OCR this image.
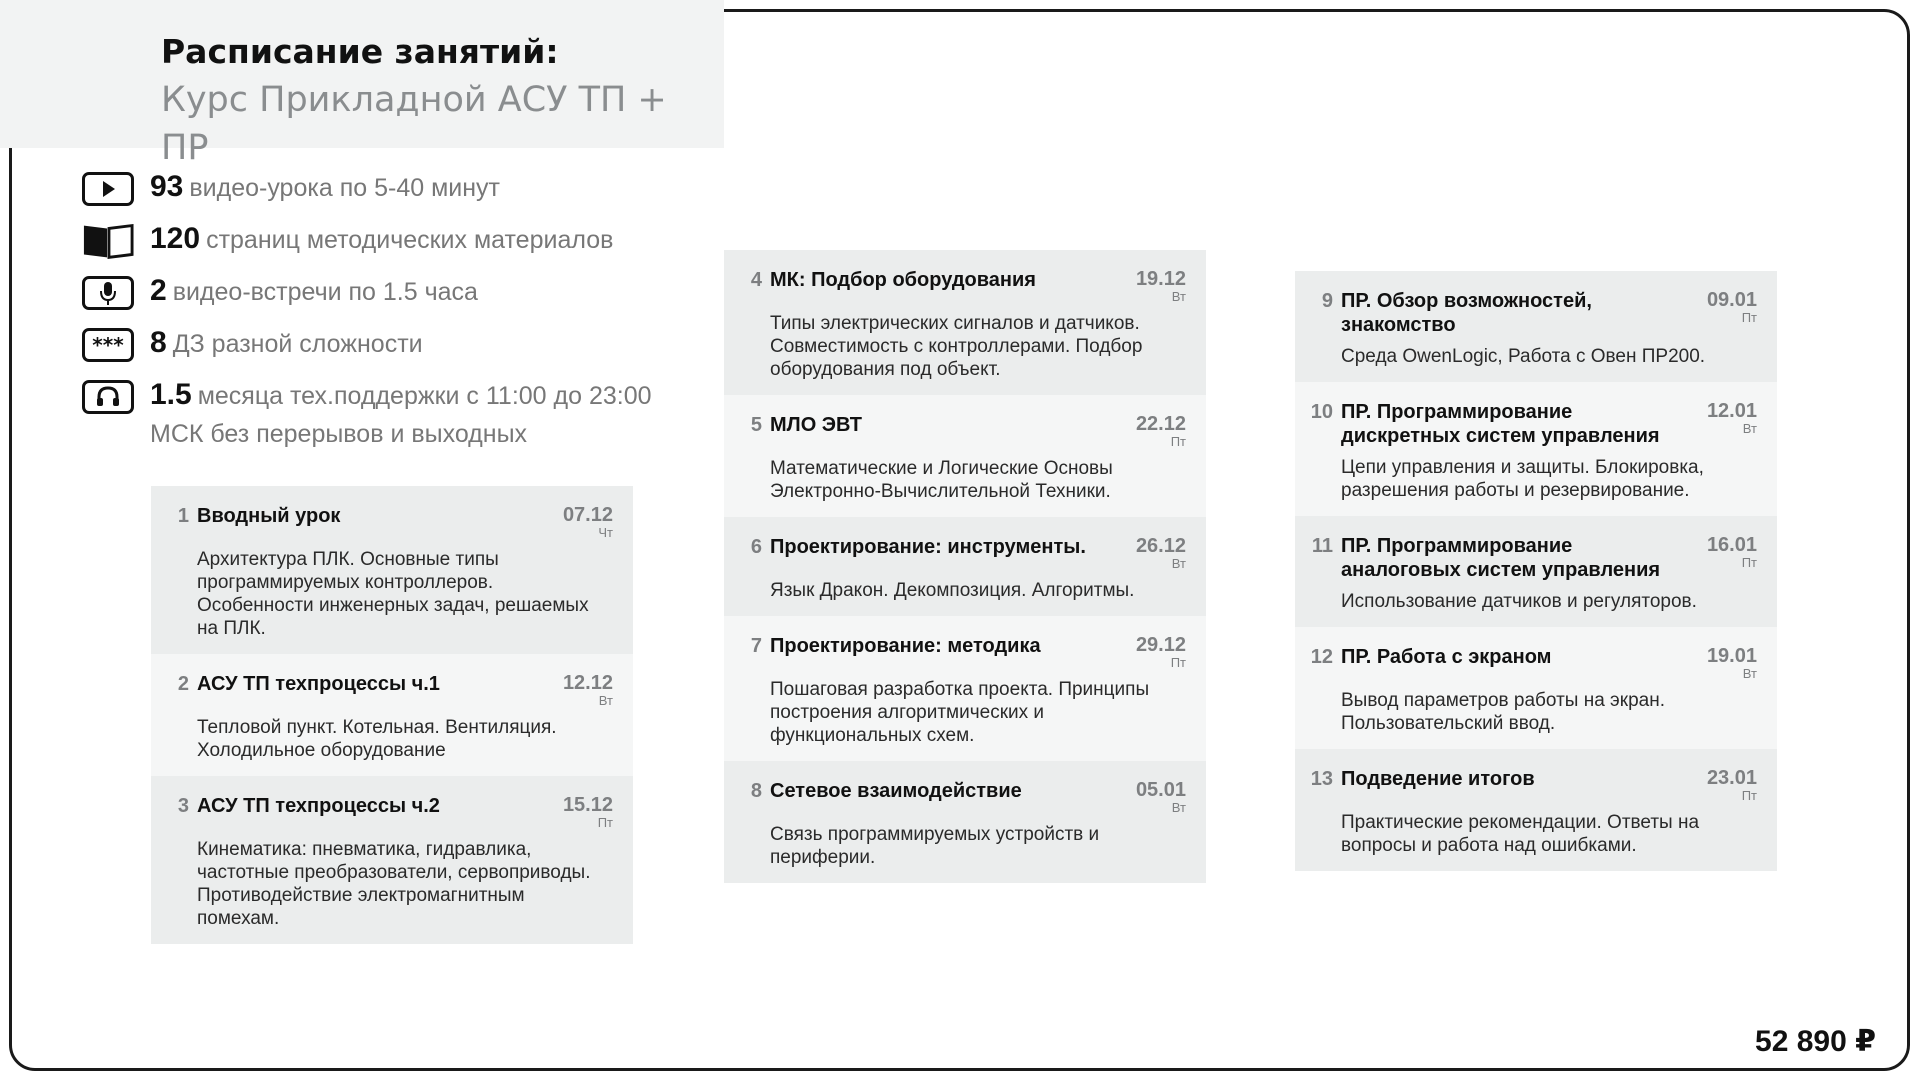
Расписание занятий:
Курс Прикладной АСУ ТП + ПР
93 видео-урока по 5-40 минут
120 страниц методических материалов
2 видео-встречи по 1.5 часа
*** 8 ДЗ разной сложности
1.5 месяца тех.поддержки с 11:00 до 23:00 МСК без перерывов и выходных
1 Вводный урок	07.12
Чт
Архитектура ПЛК. Основные типы программируемых контроллеров. Особенности инженерных задач, решаемых на ПЛК.
2 АСУ ТП техпроцессы ч.1	12.12
Вт
Тепловой пункт. Котельная. Вентиляция. Холодильное оборудование
3 АСУ ТП техпроцессы ч.2	15.12
Пт
Кинематика: пневматика, гидравлика, частотные преобразователи, сервоприводы. Противодействие электромагнитным помехам.
4 МК: Подбор оборудования	19.12
Вт
Типы электрических сигналов и датчиков. Совместимость с контроллерами. Подбор оборудования под объект.
5 МЛО ЭВТ	22.12
Пт
Математические и Логические Основы Электронно-Вычислительной Техники.
6 Проектирование: инструменты.	26.12
Вт
Язык Дракон. Декомпозиция. Алгоритмы.
7 Проектирование: методика	29.12
Пт
Пошаговая разработка проекта. Принципы построения алгоритмических и функциональных схем.
8 Сетевое взаимодействие	05.01
Вт
Связь программируемых устройств и периферии.
9 ПР. Обзор возможностей, знакомство
09.01
Пт
Среда OwenLogic, Работа с Овен ПР200.
10 ПР. Программирование дискретных систем управления
12.01
Вт
Цепи управления и защиты. Блокировка, разрешения работы и резервирование.
11 ПР. Программирование аналоговых систем управления
16.01
Пт
Использование датчиков и регуляторов.
12 ПР. Работа с экраном	19.01
Вт
Вывод параметров работы на экран. Пользовательский ввод.
13 Подведение итогов	23.01
Пт
Практические рекомендации. Ответы на вопросы и работа над ошибками.
52 890 ₽
